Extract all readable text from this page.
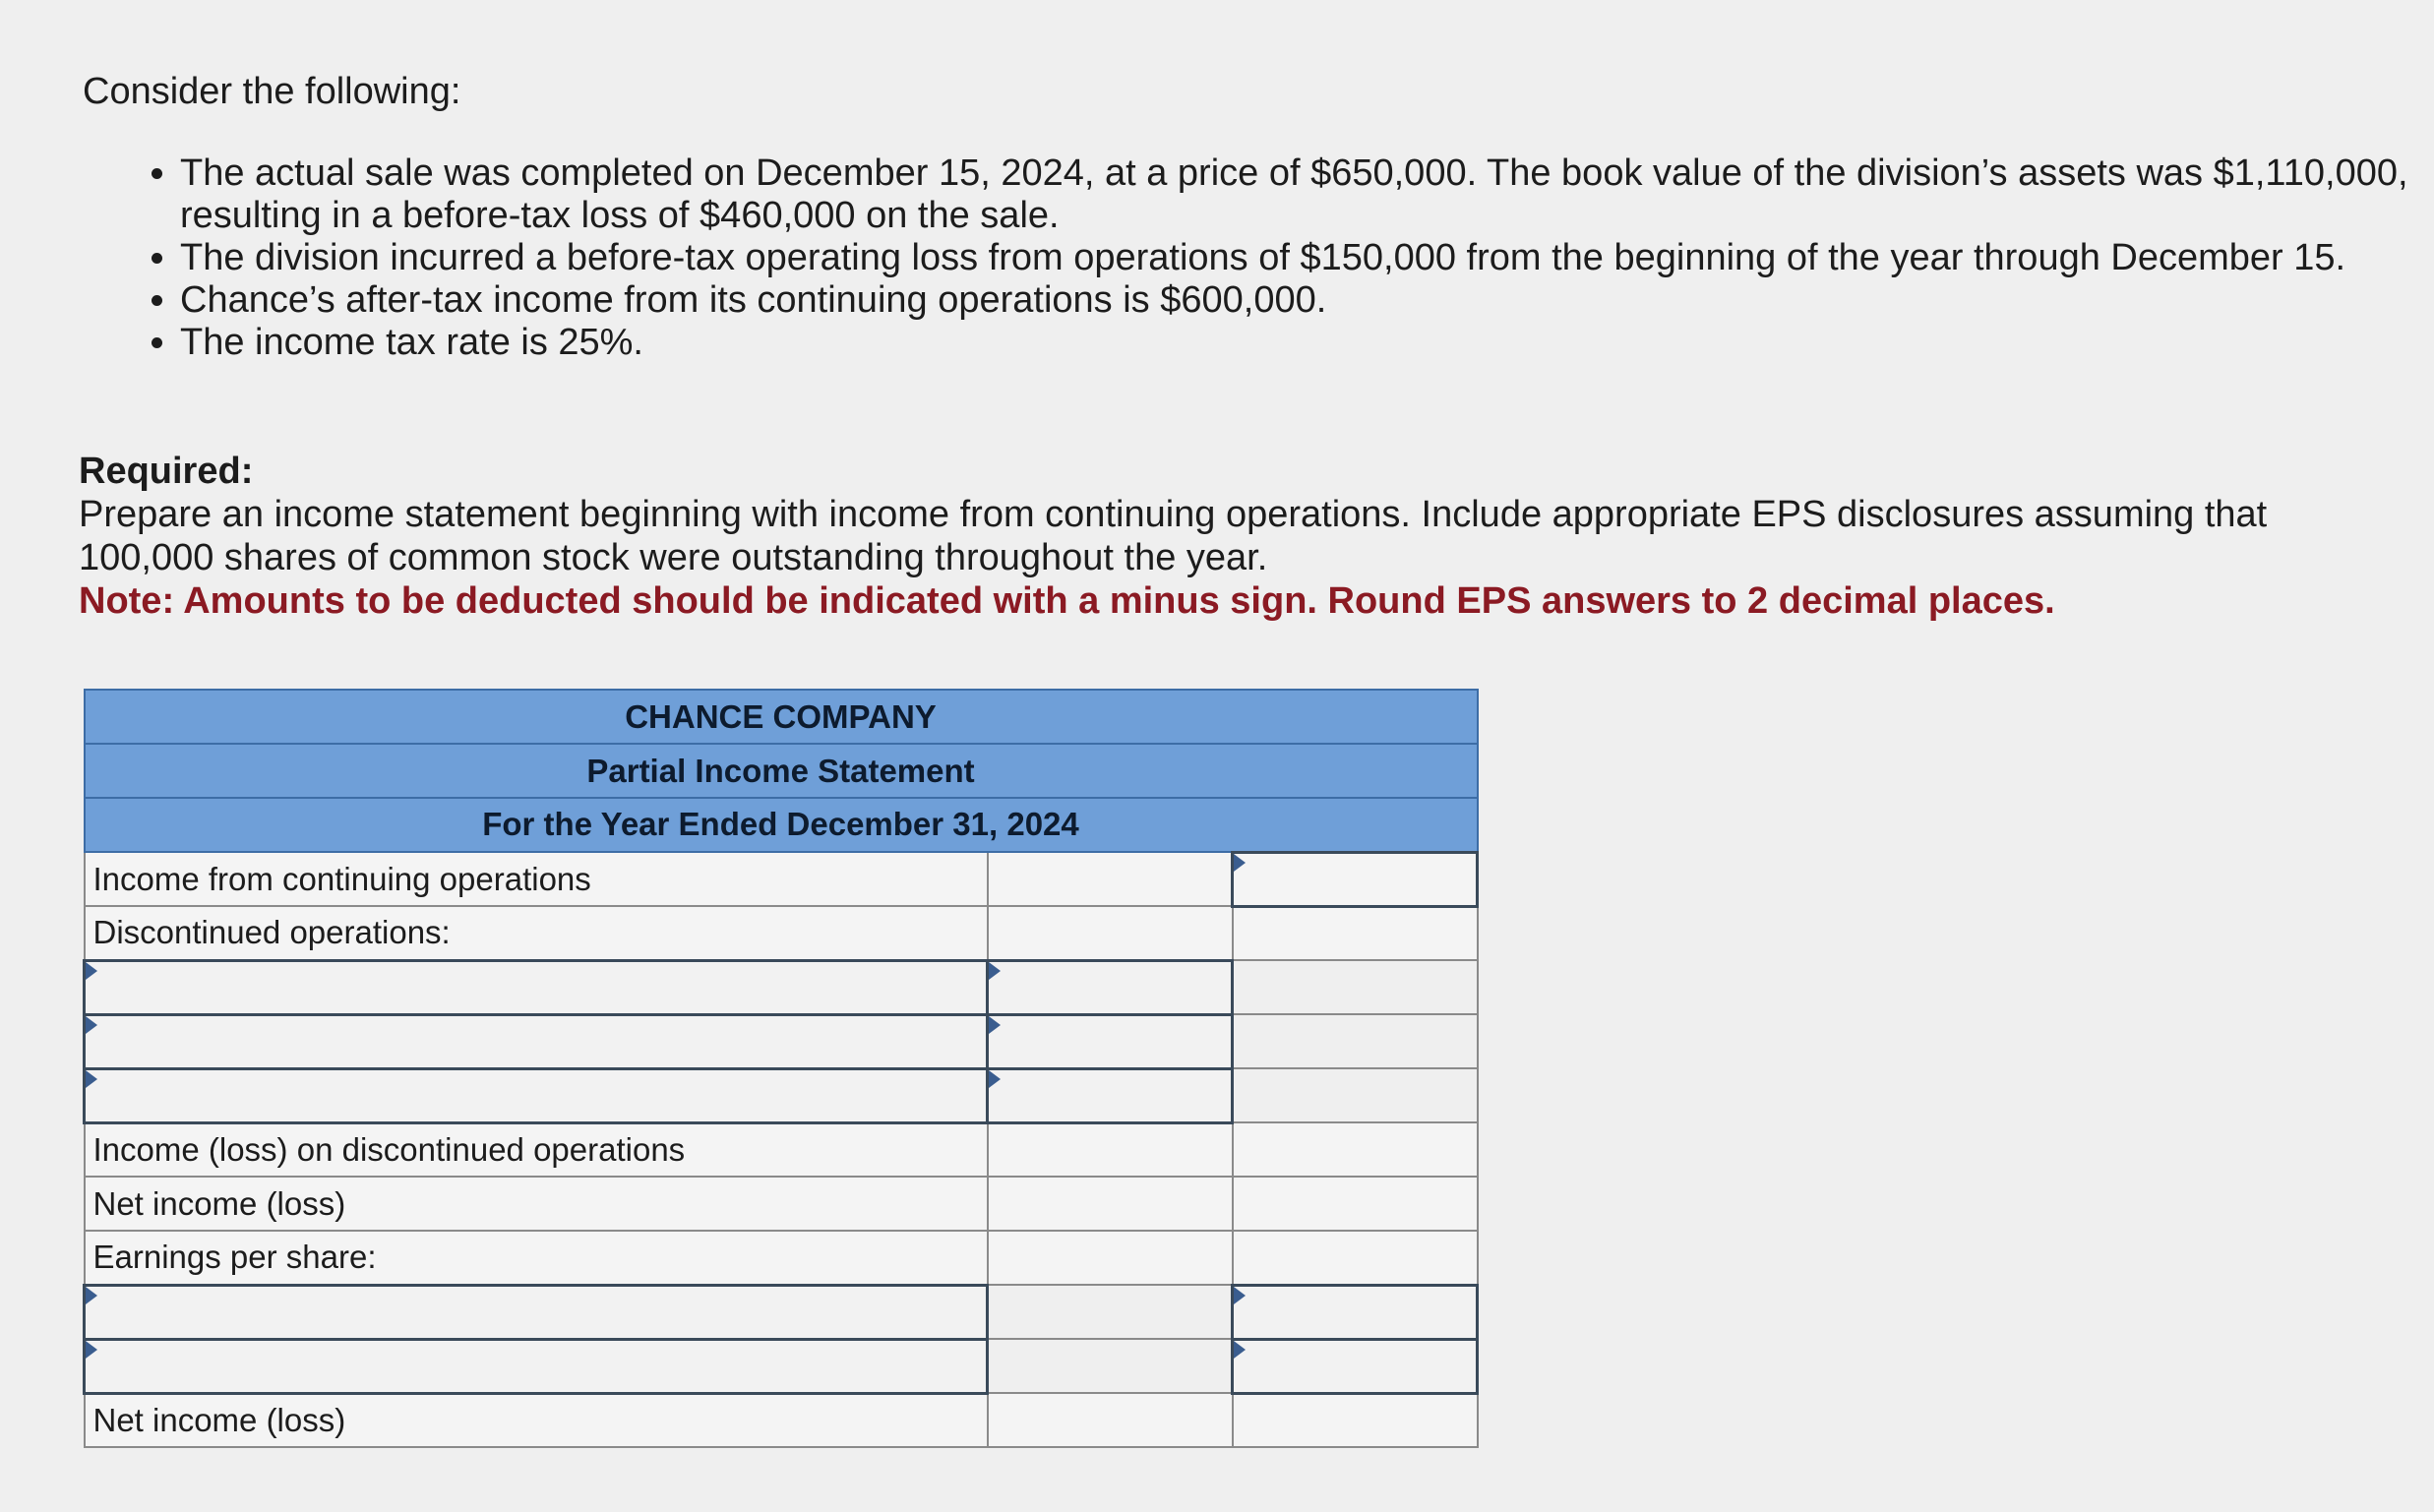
Consider the following:

• The actual sale was completed on December 15, 2024, at a price of $650,000. The book value of the division’s assets was $1,110,000, resulting in a before-tax loss of $460,000 on the sale.
• The division incurred a before-tax operating loss from operations of $150,000 from the beginning of the year through December 15.
• Chance’s after-tax income from its continuing operations is $600,000.
• The income tax rate is 25%.
Required:
Prepare an income statement beginning with income from continuing operations. Include appropriate EPS disclosures assuming that 100,000 shares of common stock were outstanding throughout the year.
Note: Amounts to be deducted should be indicated with a minus sign. Round EPS answers to 2 decimal places.
CHANCE COMPANY		
Partial Income Statement		
For the Year Ended December 31, 2024		
Income from continuing operations		
Discontinued operations:		

Income (loss) on discontinued operations		
Net income (loss)		
Earnings per share:		

Net income (loss)		
